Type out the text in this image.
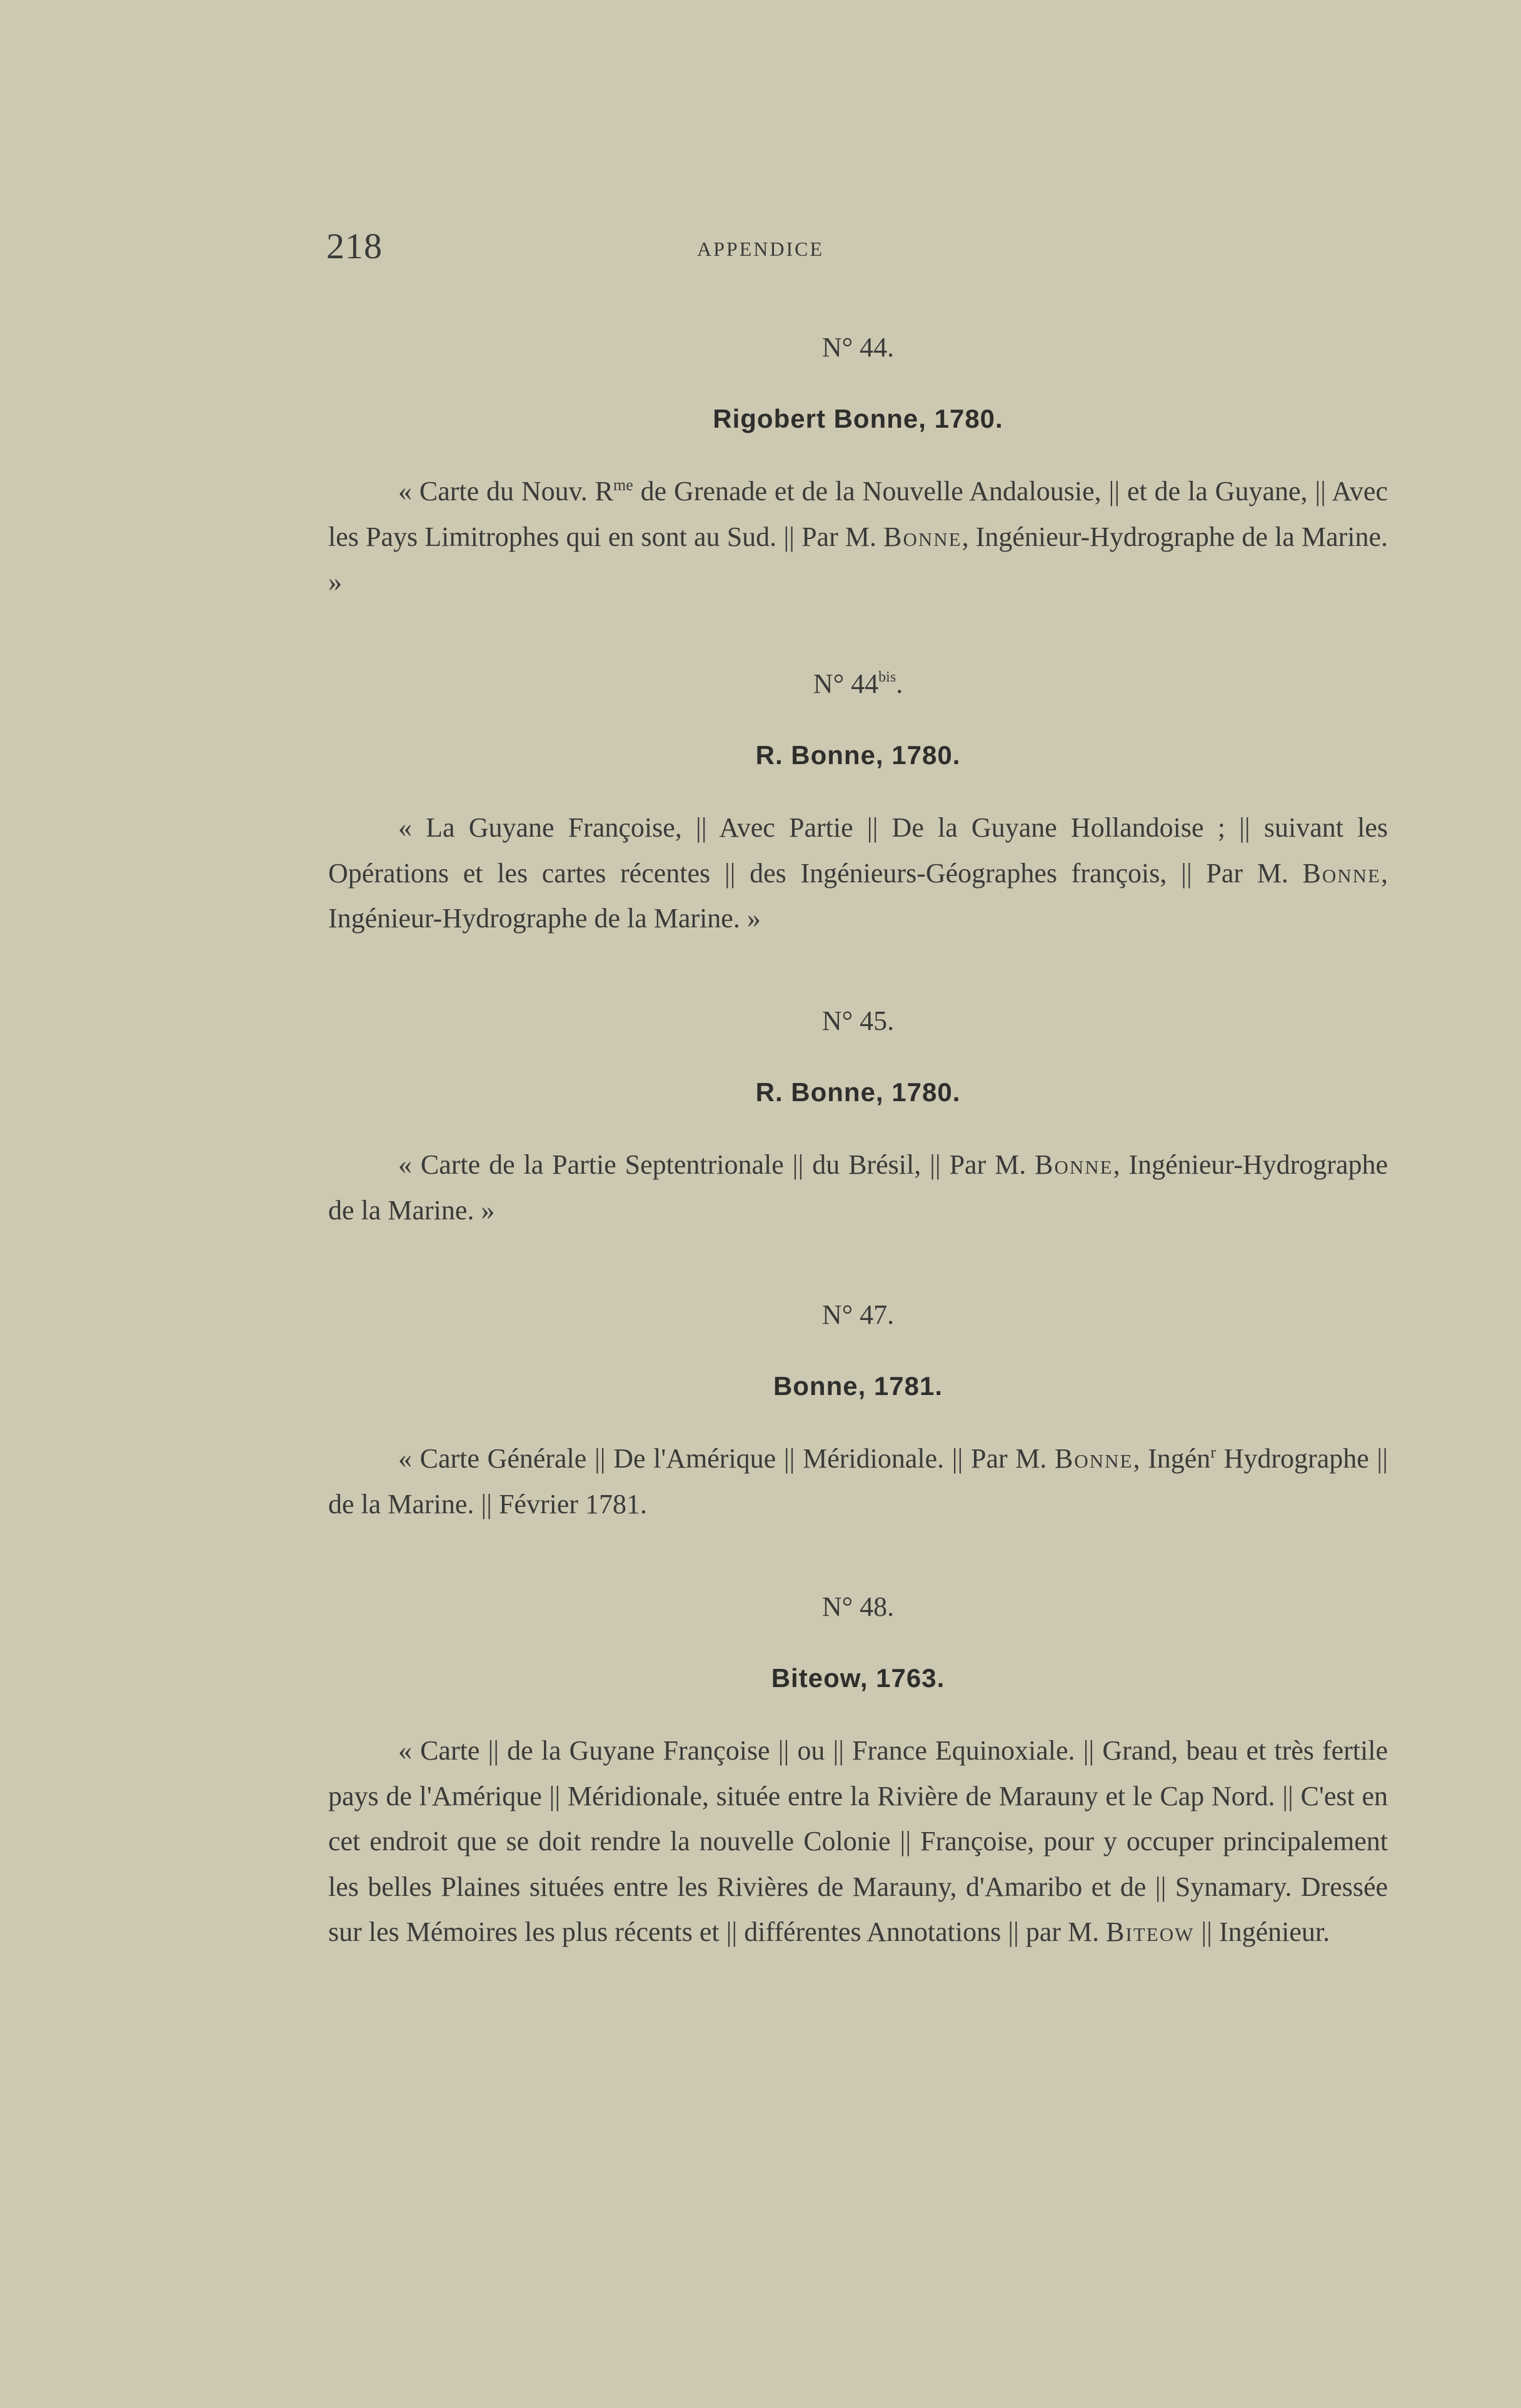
218	APPENDICE
N° 44.
Rigobert Bonne, 1780.

« Carte du Nouv. $R^{me}$ de Grenade et de la Nouvelle Andalousie, || et de la Guyane, || Avec les Pays Limitrophes qui en sont au Sud. || Par M. Bonne, Ingénieur-Hydrographe de la Marine. »

N° $44^{bis}$.
R. Bonne, 1780.

« La Guyane Françoise, || Avec Partie || De la Guyane Hollandoise ; || suivant les Opérations et les cartes récentes || des Ingénieurs-Géographes françois, || Par M. Bonne, Ingénieur-Hydrographe de la Marine. »

N° 45.
R. Bonne, 1780.

« Carte de la Partie Septentrionale || du Brésil, || Par M. Bonne, Ingénieur-Hydrographe de la Marine. »

N° 47.
Bonne, 1781.

« Carte Générale || De l'Amérique || Méridionale. || Par M. Bonne, Ingén$^r$ Hydrographe || de la Marine. || Février 1781.

N° 48.
Biteow, 1763.

« Carte || de la Guyane Françoise || ou || France Equinoxiale. || Grand, beau et très fertile pays de l'Amérique || Méridionale, située entre la Rivière de Marauny et le Cap Nord. || C'est en cet endroit que se doit rendre la nouvelle Colonie || Françoise, pour y occuper principalement les belles Plaines situées entre les Rivières de Marauny, d'Amaribo et de || Synamary. Dressée sur les Mémoires les plus récents et || différentes Annotations || par M. Biteow || Ingénieur.
